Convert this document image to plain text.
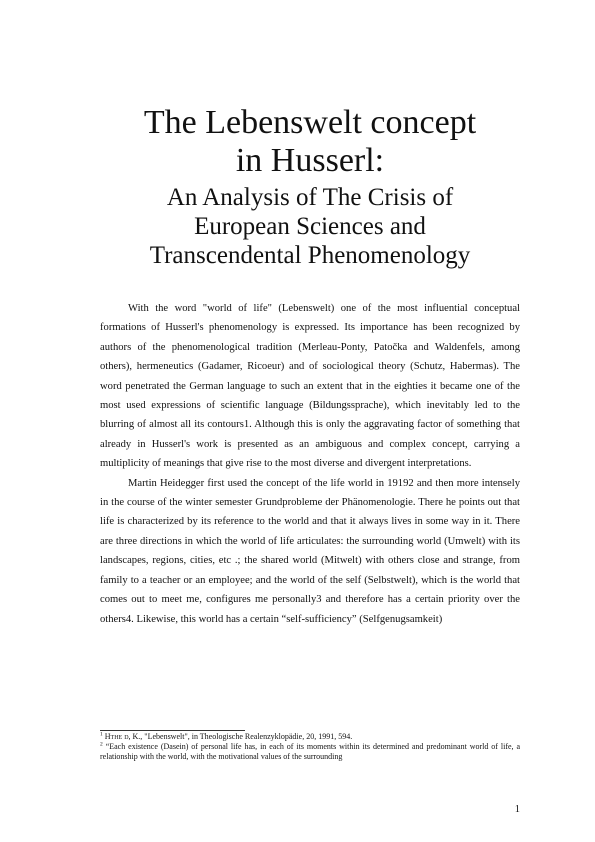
The Lebenswelt concept
in Husserl:
An Analysis of The Crisis of
European Sciences and
Transcendental Phenomenology

With the word "world of life" (Lebenswelt) one of the most influential conceptual formations of Husserl's phenomenology is expressed. Its importance has been recognized by authors of the phenomenological tradition (Merleau-Ponty, Patočka and Waldenfels, among others), hermeneutics (Gadamer, Ricoeur) and of sociological theory (Schutz, Habermas). The word penetrated the German language to such an extent that in the eighties it became one of the most used expressions of scientific language (Bildungssprache), which inevitably led to the blurring of almost all its contours1. Although this is only the aggravating factor of something that already in Husserl's work is presented as an ambiguous and complex concept, carrying a multiplicity of meanings that give rise to the most diverse and divergent interpretations.

Martin Heidegger first used the concept of the life world in 19192 and then more intensely in the course of the winter semester Grundprobleme der Phänomenologie. There he points out that life is characterized by its reference to the world and that it always lives in some way in it. There are three directions in which the world of life articulates: the surrounding world (Umwelt) with its landscapes, regions, cities, etc .; the shared world (Mitwelt) with others close and strange, from family to a teacher or an employee; and the world of the self (Selbstwelt), which is the world that comes out to meet me, configures me personally3 and therefore has a certain priority over the others4. Likewise, this world has a certain “self-sufficiency” (Selfgenugsamkeit)

$^1$ Hthe d, K., "Lebenswelt", in Theologische Realenzyklopädie, 20, 1991, 594.

$^2$ “Each existence (Dasein) of personal life has, in each of its moments within its determined and predominant world of life, a relationship with the world, with the motivational values of the surrounding

1
